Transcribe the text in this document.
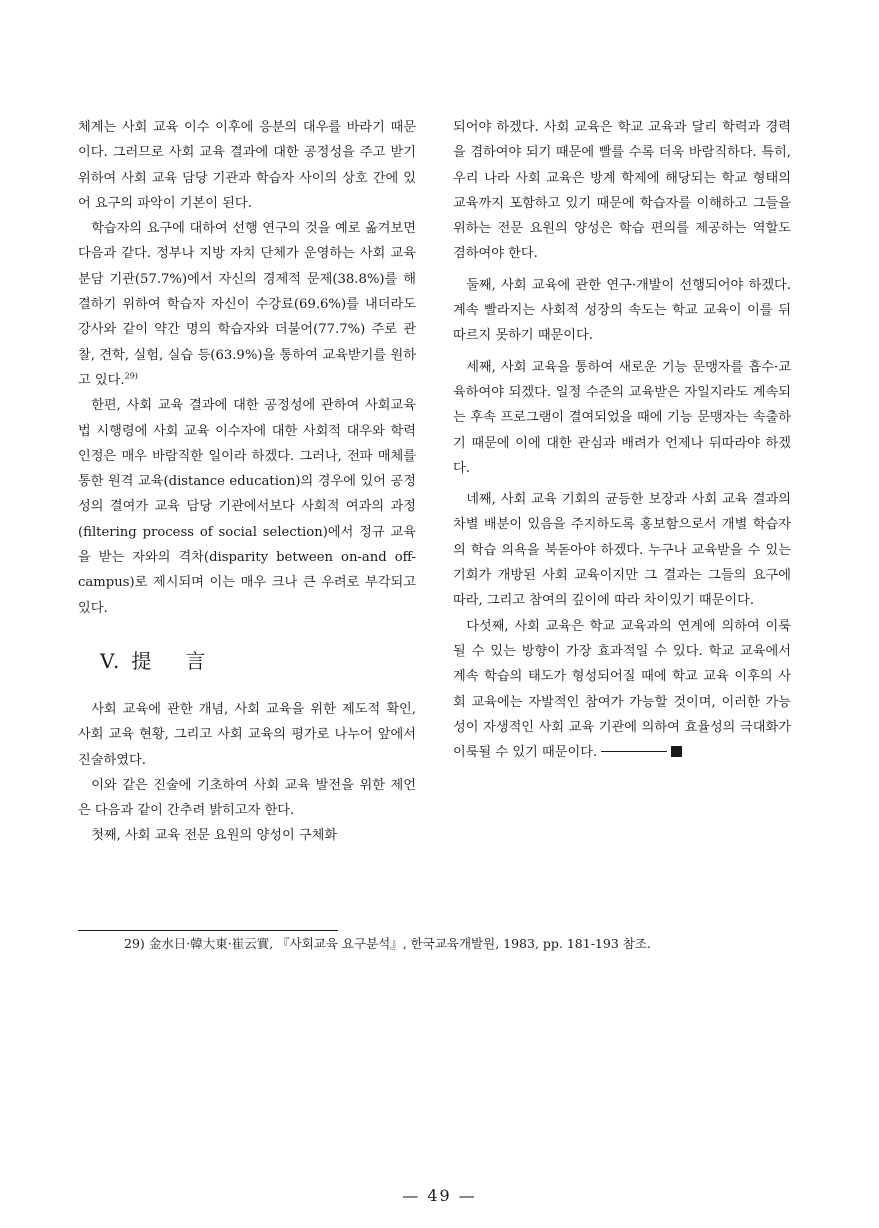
체계는 사회 교육 이수 이후에 응분의 대우를 바라기 때문이다. 그러므로 사회 교육 결과에 대한 공정성을 주고 받기 위하여 사회 교육 담당 기관과 학습자 사이의 상호 간에 있어 요구의 파악이 기본이 된다.

학습자의 요구에 대하여 선행 연구의 것을 예로 옮겨보면 다음과 같다. 정부나 지방 자치 단체가 운영하는 사회 교육 분담 기관(57.7%)에서 자신의 경제적 문제(38.8%)를 해결하기 위하여 학습자 자신이 수강료(69.6%)를 내더라도 강사와 같이 약간 명의 학습자와 더불어(77.7%) 주로 관찰, 견학, 실험, 실습 등(63.9%)을 통하여 교육받기를 원하고 있다.$^{29)}$

한편, 사회 교육 결과에 대한 공정성에 관하여 사회교육법 시행령에 사회 교육 이수자에 대한 사회적 대우와 학력 인정은 매우 바람직한 일이라 하겠다. 그러나, 전파 매체를 통한 원격 교육(distance education)의 경우에 있어 공정성의 결여가 교육 담당 기관에서보다 사회적 여과의 과정(filtering process of social selection)에서 정규 교육을 받는 자와의 격차(disparity between on-and off-campus)로 제시되며 이는 매우 크나 큰 우려로 부각되고 있다.

V. 提 言

사회 교육에 관한 개념, 사회 교육을 위한 제도적 확인, 사회 교육 현황, 그리고 사회 교육의 평가로 나누어 앞에서 진술하였다.

이와 같은 진술에 기초하여 사회 교육 발전을 위한 제언은 다음과 같이 간추려 밝히고자 한다.

첫째, 사회 교육 전문 요원의 양성이 구체화

되어야 하겠다. 사회 교육은 학교 교육과 달리 학력과 경력을 겸하여야 되기 때문에 빨를 수록 더욱 바람직하다. 특히, 우리 나라 사회 교육은 방계 학제에 해당되는 학교 형태의 교육까지 포함하고 있기 때문에 학습자를 이해하고 그들을 위하는 전문 요원의 양성은 학습 편의를 제공하는 역할도 겸하여야 한다.

둘째, 사회 교육에 관한 연구·개발이 선행되어야 하겠다. 계속 빨라지는 사회적 성장의 속도는 학교 교육이 이를 뒤따르지 못하기 때문이다.

세째, 사회 교육을 통하여 새로운 기능 문맹자를 흡수·교육하여야 되겠다. 일정 수준의 교육받은 자일지라도 계속되는 후속 프로그램이 결여되었을 때에 기능 문맹자는 속출하기 때문에 이에 대한 관심과 배려가 언제나 뒤따라야 하겠다.

네째, 사회 교육 기회의 균등한 보장과 사회 교육 결과의 차별 배분이 있음을 주지하도록 홍보함으로서 개별 학습자의 학습 의욕을 북돋아야 하겠다. 누구나 교육받을 수 있는 기회가 개방된 사회 교육이지만 그 결과는 그들의 요구에 따라, 그리고 참여의 깊이에 따라 차이있기 때문이다.

다섯째, 사회 교육은 학교 교육과의 연계에 의하여 이룩될 수 있는 방향이 가장 효과적일 수 있다. 학교 교육에서 계속 학습의 태도가 형성되어질 때에 학교 교육 이후의 사회 교육에는 자발적인 참여가 가능할 것이며, 이러한 가능성이 자생적인 사회 교육 기관에 의하여 효율성의 극대화가 이룩될 수 있기 때문이다.

29) 金水日·韓大東·崔云實, 『사회교육 요구분석』, 한국교육개발원, 1983, pp. 181-193 참조.
— 49 —
